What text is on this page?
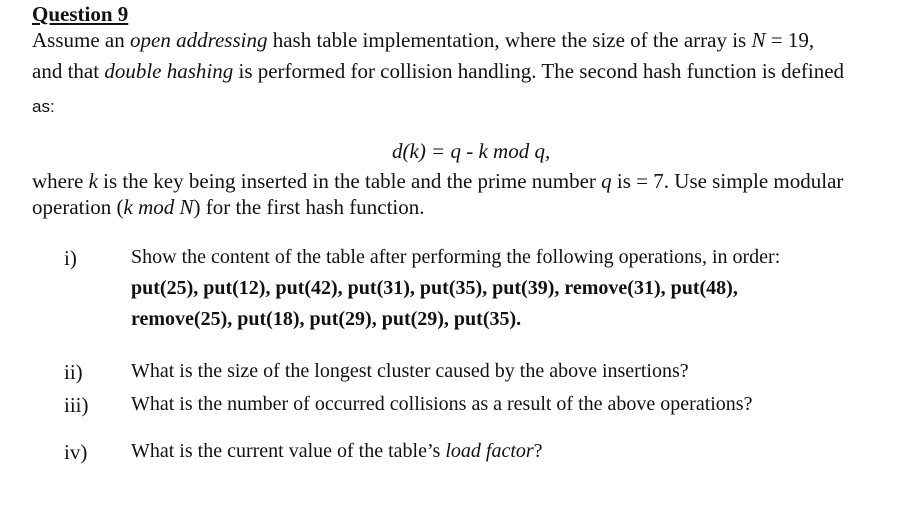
Question 9
Assume an open addressing hash table implementation, where the size of the array is N = 19,
and that double hashing is performed for collision handling. The second hash function is defined
as:
d(k) = q - k mod q,
where k is the key being inserted in the table and the prime number q is = 7. Use simple modular
operation (k mod N) for the first hash function.
i)	Show the content of the table after performing the following operations, in order:
put(25), put(12), put(42), put(31), put(35), put(39), remove(31), put(48),
remove(25), put(18), put(29), put(29), put(35).
ii) What is the size of the longest cluster caused by the above insertions?
iii) What is the number of occurred collisions as a result of the above operations?
iv) What is the current value of the table’s load factor?
